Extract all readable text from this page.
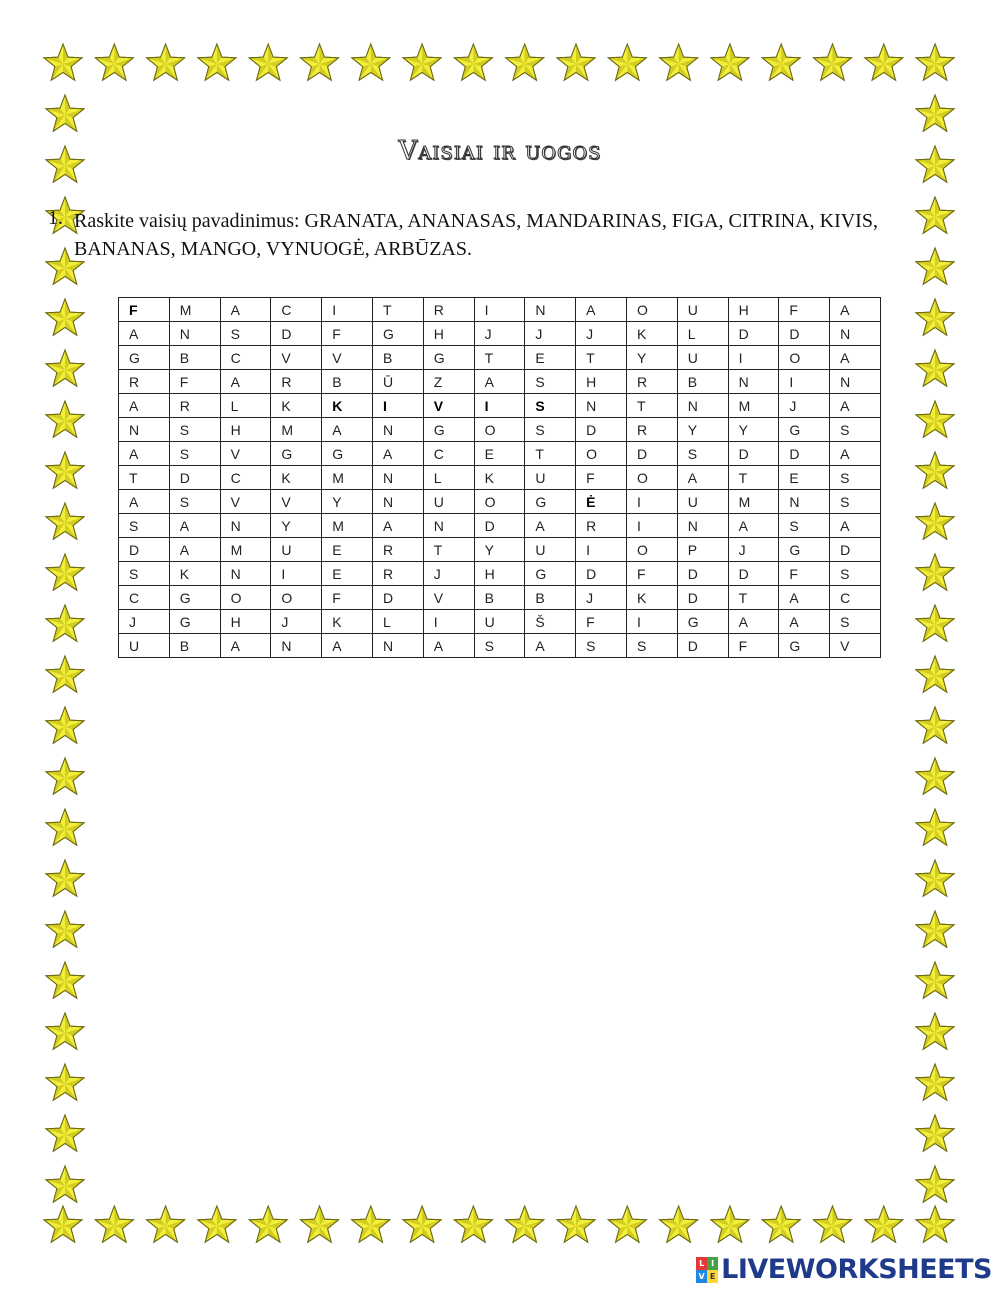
Vaisiai ir uogos
1. Raskite vaisių pavadinimus: GRANATA, ANANASAS, MANDARINAS, FIGA, CITRINA, KIVIS, BANANAS, MANGO, VYNUOGĖ, ARBŪZAS.
F	M	A	C	I	T	R	I	N	A	O	U	H	F	A
A	N	S	D	F	G	H	J	J	J	K	L	D	D	N
G	B	C	V	V	B	G	T	E	T	Y	U	I	O	A
R	F	A	R	B	Ū	Z	A	S	H	R	B	N	I	N
A	R	L	K	K	I	V	I	S	N	T	N	M	J	A
N	S	H	M	A	N	G	O	S	D	R	Y	Y	G	S
A	S	V	G	G	A	C	E	T	O	D	S	D	D	A
T	D	C	K	M	N	L	K	U	F	O	A	T	E	S
A	S	V	V	Y	N	U	O	G	Ė	I	U	M	N	S
S	A	N	Y	M	A	N	D	A	R	I	N	A	S	A
D	A	M	U	E	R	T	Y	U	I	O	P	J	G	D
S	K	N	I	E	R	J	H	G	D	F	D	D	F	S
C	G	O	O	F	D	V	B	B	J	K	D	T	A	C
J	G	H	J	K	L	I	U	Š	F	I	G	A	A	S
U	B	A	N	A	N	A	S	A	S	S	D	F	G	V
L I
V E LIVEWORKSHEETS
